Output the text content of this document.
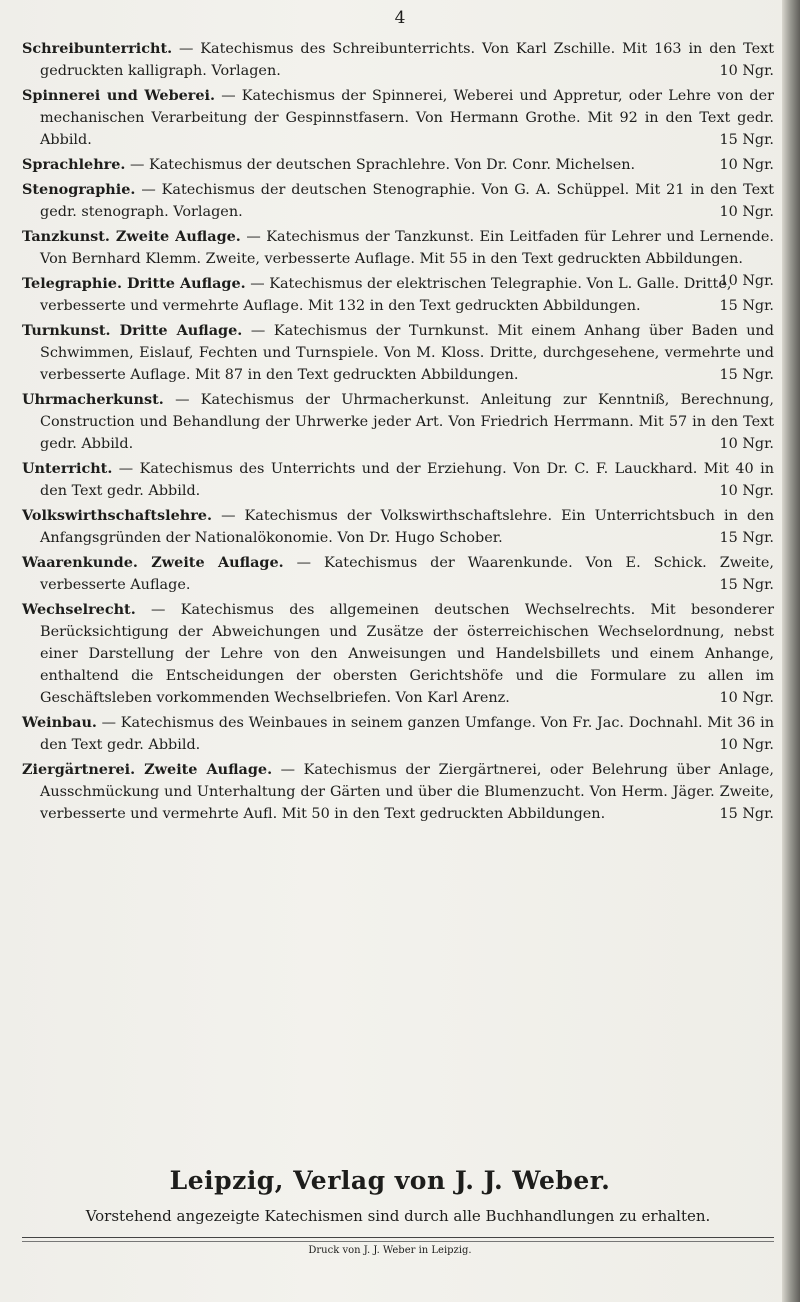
4

Schreibunterricht. — Katechismus des Schreibunterrichts. Von Karl Zschille. Mit 163 in den Text gedruckten kalligraph. Vorlagen.	10 Ngr.

Spinnerei und Weberei. — Katechismus der Spinnerei, Weberei und Appretur, oder Lehre von der mechanischen Verarbeitung der Gespinnstfasern. Von Hermann Grothe. Mit 92 in den Text gedr. Abbild.	15 Ngr.

Sprachlehre. — Katechismus der deutschen Sprachlehre. Von Dr. Conr. Michelsen.	10 Ngr.

Stenographie. — Katechismus der deutschen Stenographie. Von G. A. Schüppel. Mit 21 in den Text gedr. stenograph. Vorlagen.	10 Ngr.

Tanzkunst. Zweite Auflage. — Katechismus der Tanzkunst. Ein Leitfaden für Lehrer und Lernende. Von Bernhard Klemm. Zweite, verbesserte Auflage. Mit 55 in den Text gedruckten Abbildungen.
10 Ngr.

Telegraphie. Dritte Auflage. — Katechismus der elektrischen Telegraphie. Von L. Galle. Dritte, verbesserte und vermehrte Auflage. Mit 132 in den Text gedruckten Abbildungen.	15 Ngr.

Turnkunst. Dritte Auflage. — Katechismus der Turnkunst. Mit einem Anhang über Baden und Schwimmen, Eislauf, Fechten und Turnspiele. Von M. Kloss. Dritte, durchgesehene, vermehrte und verbesserte Auflage. Mit 87 in den Text gedruckten Abbildungen.	15 Ngr.

Uhrmacherkunst. — Katechismus der Uhrmacherkunst. Anleitung zur Kenntniß, Berechnung, Construction und Behandlung der Uhrwerke jeder Art. Von Friedrich Herrmann. Mit 57 in den Text gedr. Abbild.	10 Ngr.

Unterricht. — Katechismus des Unterrichts und der Erziehung. Von Dr. C. F. Lauckhard. Mit 40 in den Text gedr. Abbild.	10 Ngr.

Volkswirthschaftslehre. — Katechismus der Volkswirthschaftslehre. Ein Unterrichtsbuch in den Anfangsgründen der Nationalökonomie. Von Dr. Hugo Schober.	15 Ngr.

Waarenkunde. Zweite Auflage. — Katechismus der Waarenkunde. Von E. Schick. Zweite, verbesserte Auflage.	15 Ngr.

Wechselrecht. — Katechismus des allgemeinen deutschen Wechselrechts. Mit besonderer Berücksichtigung der Abweichungen und Zusätze der österreichischen Wechselordnung, nebst einer Darstellung der Lehre von den Anweisungen und Handelsbillets und einem Anhange, enthaltend die Entscheidungen der obersten Gerichtshöfe und die Formulare zu allen im Geschäftsleben vorkommenden Wechselbriefen. Von Karl Arenz.	10 Ngr.

Weinbau. — Katechismus des Weinbaues in seinem ganzen Umfange. Von Fr. Jac. Dochnahl. Mit 36 in den Text gedr. Abbild.	10 Ngr.

Ziergärtnerei. Zweite Auflage. — Katechismus der Ziergärtnerei, oder Belehrung über Anlage, Ausschmückung und Unterhaltung der Gärten und über die Blumenzucht. Von Herm. Jäger. Zweite, verbesserte und vermehrte Aufl. Mit 50 in den Text gedruckten Abbildungen.	15 Ngr.

Leipzig, Verlag von J. J. Weber.
Vorstehend angezeigte Katechismen sind durch alle Buchhandlungen zu erhalten.
Druck von J. J. Weber in Leipzig.
